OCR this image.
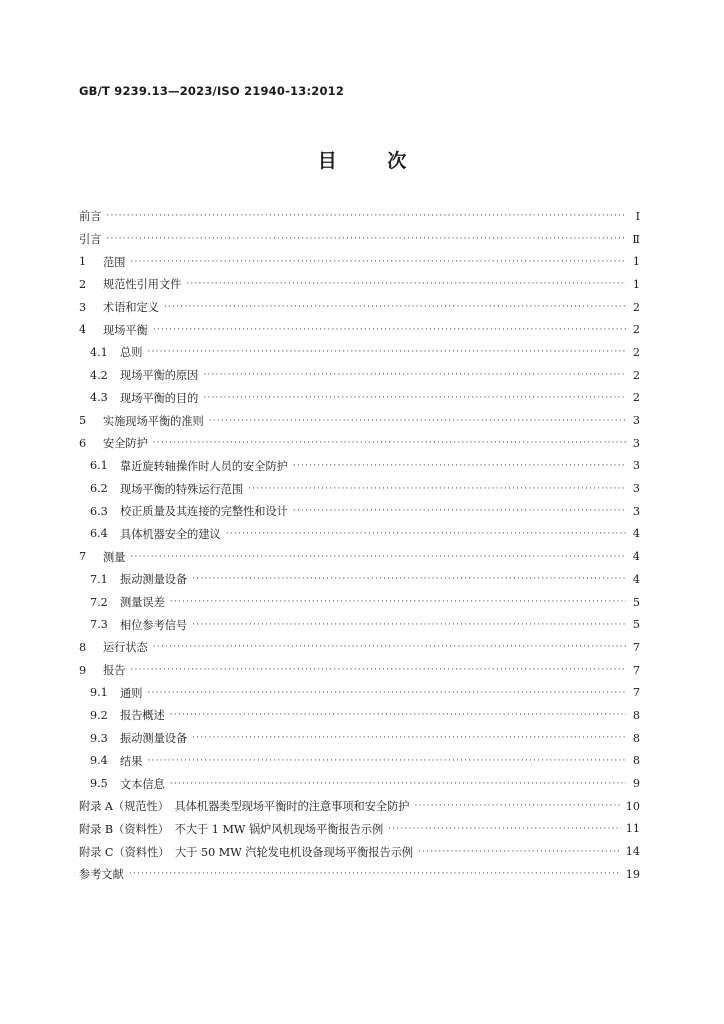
GB/T 9239.13—2023/ISO 21940-13:2012
目 次
前言 ·····	Ⅰ
引言 ·····	Ⅱ
1	范围 ·····	1
2	规范性引用文件 ·····	1
3	术语和定义 ·····	2
4	现场平衡 ·····	2
4.1	总则 ·····	2
4.2	现场平衡的原因 ·····	2
4.3	现场平衡的目的 ·····	2
5	实施现场平衡的准则 ·····	3
6	安全防护 ·····	3
6.1	靠近旋转轴操作时人员的安全防护 ·····	3
6.2	现场平衡的特殊运行范围 ·····	3
6.3	校正质量及其连接的完整性和设计 ·····	3
6.4	具体机器安全的建议 ·····	4
7	测量 ·····	4
7.1	振动测量设备 ·····	4
7.2	测量误差 ·····	5
7.3	相位参考信号 ·····	5
8	运行状态 ·····	7
9	报告 ·····	7
9.1	通则 ·····	7
9.2	报告概述 ·····	8
9.3	振动测量设备 ·····	8
9.4	结果 ·····	8
9.5	文本信息 ·····	9
附录 A（规范性）　具体机器类型现场平衡时的注意事项和安全防护 ·····	10
附录 B（资料性）　不大于 1 MW 锅炉风机现场平衡报告示例 ·····	11
附录 C（资料性）　大于 50 MW 汽轮发电机设备现场平衡报告示例 ·····	14
参考文献 ·····	19
